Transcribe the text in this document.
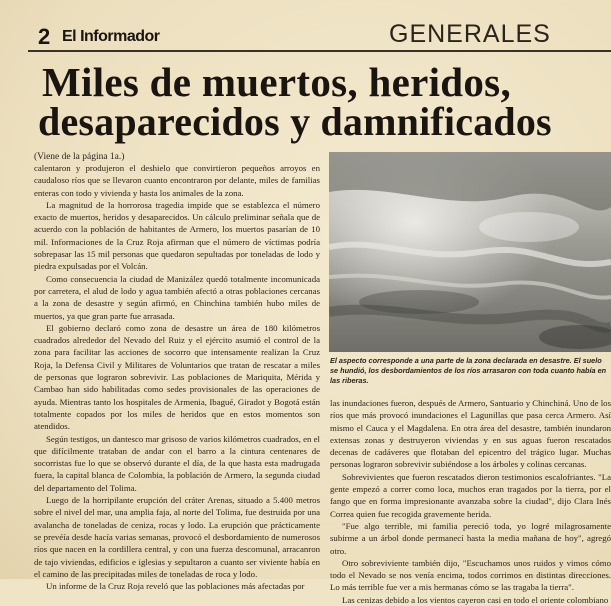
2 El Informador	GENERALES
Miles de muertos, heridos,
desaparecidos y damnificados
(Viene de la página 1a.)

calentaron y produjeron el deshielo que convirtieron pequeños arroyos en caudaloso ríos que se llevaron cuanto encontraron por delante, miles de familias enteras con todo y vivienda y hasta los animales de la zona.

La magnitud de la horrorosa tragedia impide que se establezca el número exacto de muertos, heridos y desaparecidos. Un cálculo preliminar señala que de acuerdo con la población de habitantes de Armero, los muertos pasarían de 10 mil. Informaciones de la Cruz Roja afirman que el número de víctimas podría sobrepasar las 15 mil personas que quedaron sepultadas por toneladas de lodo y piedra expulsadas por el Volcán.

Como consecuencia la ciudad de Manizález quedó totalmente incomunicada por carretera, el alud de lodo y agua también afectó a otras poblaciones cercanas a la zona de desastre y según afirmó, en Chinchina también hubo miles de muertos, ya que gran parte fue arrasada.

El gobierno declaró como zona de desastre un área de 180 kilómetros cuadrados alrededor del Nevado del Ruiz y el ejército asumió el control de la zona para facilitar las acciones de socorro que intensamente realizan la Cruz Roja, la Defensa Civil y Militares de Voluntarios que tratan de rescatar a miles de personas que lograron sobrevivir. Las poblaciones de Mariquita, Mérida y Cambao han sido habilitadas como sedes provisionales de las operaciones de ayuda. Mientras tanto los hospitales de Armenia, Ibagué, Giradot y Bogotá están totalmente copados por los miles de heridos que en estos momentos son atendidos.

Según testigos, un dantesco mar grisoso de varios kilómetros cuadrados, en el que difícilmente trataban de andar con el barro a la cintura centenares de socorristas fue lo que se observó durante el día, de la que hasta esta madrugada fuera, la capital blanca de Colombia, la población de Armero, la segunda ciudad del departamento del Tolima.

Luego de la horripilante erupción del cráter Arenas, situado a 5.400 metros sobre el nivel del mar, una amplia faja, al norte del Tolima, fue destruida por una avalancha de toneladas de ceniza, rocas y lodo. La erupción que prácticamente se prevéía desde hacía varias semanas, provocó el desbordamiento de numerosos ríos que nacen en la cordillera central, y con una fuerza descomunal, arracanron de tajo viviendas, edificios e iglesias y sepultaron a cuanto ser viviente había en el camino de las precipitadas miles de toneladas de roca y lodo.

Un informe de la Cruz Roja reveló que las poblaciones más afectadas por

El aspecto corresponde a una parte de la zona declarada en desastre. El suelo se hundió, los desbordamientos de los ríos arrasaron con toda cuanto había en las riberas.

las inundaciones fueron, después de Armero, Santuario y Chinchiná. Uno de los ríos que más provocó inundaciones el Lagunillas que pasa cerca Armero. Así mismo el Cauca y el Magdalena. En otra área del desastre, también inundaron extensas zonas y destruyeron viviendas y en sus aguas fueron rescatados decenas de cadáveres que flotaban del epicentro del trágico lugar. Muchas personas lograron sobrevivir subiéndose a los árboles y colinas cercanas.

Sobrevivientes que fueron rescatados dieron testimonios escalofriantes. "La gente empezó a correr como loca, muchos eran tragados por la tierra, por el fango que en forma impresionante avanzaba sobre la ciudad", dijo Clara Inés Correa quien fue recogida gravemente herida.

"Fue algo terrible, mi familia pereció toda, yo logré milagrosamente subirme a un árbol donde permanecí hasta la media mañana de hoy", agregó otro.

Otro sobreviviente también dijo, "Escuchamos unos ruidos y vimos cómo todo el Nevado se nos venía encima, todos corrimos en distintas direcciones. Lo más terrible fue ver a mis hermanas cómo se las tragaba la tierra".

Las cenizas debido a los vientos cayeron casi en todo el oriente colombiano
